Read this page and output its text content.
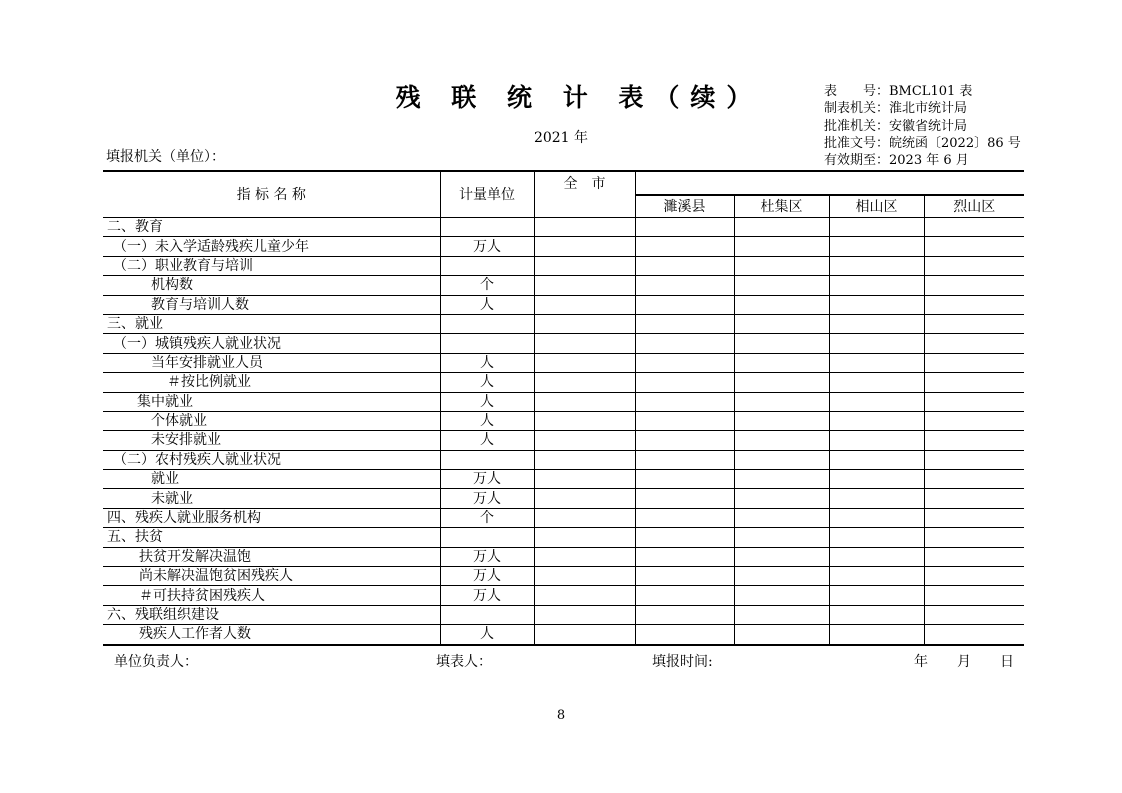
残 联 统 计 表（续）
2021 年
表　　号：BMCL101 表
制表机关：淮北市统计局
批准机关：安徽省统计局
批准文号：皖统函〔2022〕86 号
有效期至：2023 年 6 月
填报机关（单位）：
指 标 名 称	计量单位	全　市				
			濉溪县	杜集区	相山区	烈山区
二、教育						
（一）未入学适龄残疾儿童少年	万人					
（二）职业教育与培训						
机构数	个					
教育与培训人数	人					
三、就业						
（一）城镇残疾人就业状况						
当年安排就业人员	人					
＃按比例就业	人					
集中就业	人					
个体就业	人					
未安排就业	人					
（二）农村残疾人就业状况						
就业	万人					
未就业	万人					
四、残疾人就业服务机构	个					
五、扶贫						
扶贫开发解决温饱	万人					
尚未解决温饱贫困残疾人	万人					
＃可扶持贫困残疾人	万人					
六、残联组织建设						
残疾人工作者人数	人					
单位负责人：	填表人：	填报时间:	年 月 日
8
